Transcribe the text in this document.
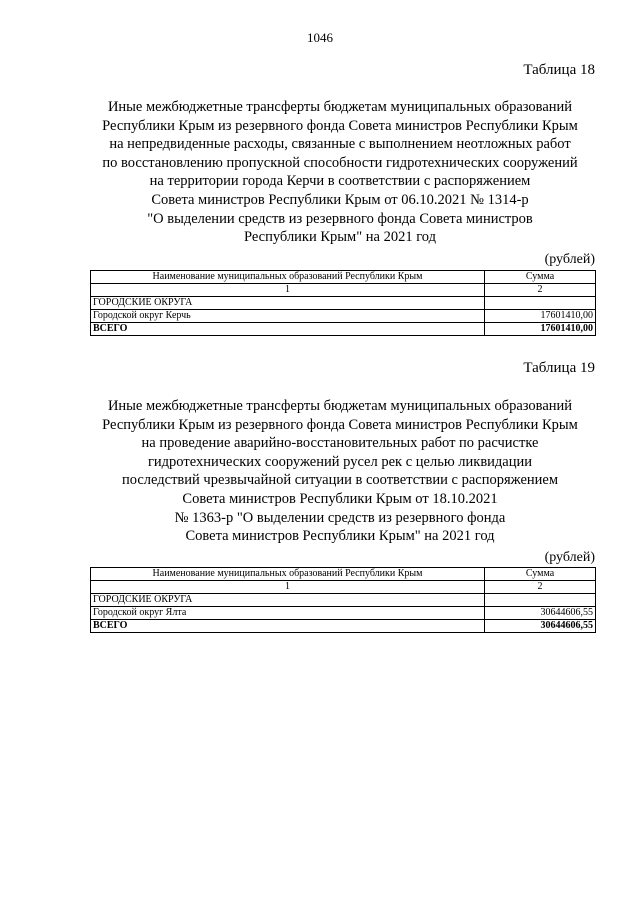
1046
Таблица 18
Иные межбюджетные трансферты бюджетам муниципальных образований
Республики Крым из резервного фонда Совета министров Республики Крым
на непредвиденные расходы, связанные с выполнением неотложных работ
по восстановлению пропускной способности гидротехнических сооружений
на территории города Керчи в соответствии с распоряжением
Совета министров Республики Крым от 06.10.2021 № 1314-р
"О выделении средств из резервного фонда Совета министров
Республики Крым" на 2021 год
(рублей)
Наименование муниципальных образований Республики Крым	Сумма
1	2
ГОРОДСКИЕ ОКРУГА	
Городской округ Керчь	17601410,00
ВСЕГО	17601410,00
Таблица 19
Иные межбюджетные трансферты бюджетам муниципальных образований
Республики Крым из резервного фонда Совета министров Республики Крым
на проведение аварийно-восстановительных работ по расчистке
гидротехнических сооружений русел рек с целью ликвидации
последствий чрезвычайной ситуации в соответствии с распоряжением
Совета министров Республики Крым от 18.10.2021
№ 1363-р "О выделении средств из резервного фонда
Совета министров Республики Крым" на 2021 год
(рублей)
Наименование муниципальных образований Республики Крым	Сумма
1	2
ГОРОДСКИЕ ОКРУГА	
Городской округ Ялта	30644606,55
ВСЕГО	30644606,55
